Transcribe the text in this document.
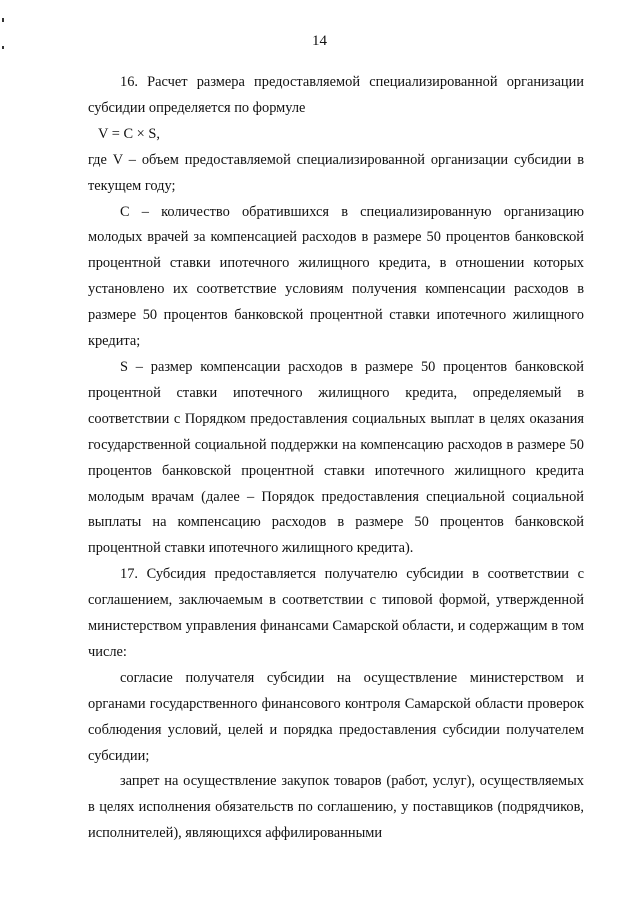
14

16. Расчет размера предоставляемой специализированной организации субсидии определяется по формуле

V = C × S,

где V – объем предоставляемой специализированной организации субсидии в текущем году;

C – количество обратившихся в специализированную организацию молодых врачей за компенсацией расходов в размере 50 процентов банковской процентной ставки ипотечного жилищного кредита, в отношении которых установлено их соответствие условиям получения компенсации расходов в размере 50 процентов банковской процентной ставки ипотечного жилищного кредита;

S – размер компенсации расходов в размере 50 процентов банковской процентной ставки ипотечного жилищного кредита, определяемый в соответствии с Порядком предоставления социальных выплат в целях оказания государственной социальной поддержки на компенсацию расходов в размере 50 процентов банковской процентной ставки ипотечного жилищного кредита молодым врачам (далее – Порядок предоставления специальной социальной выплаты на компенсацию расходов в размере 50 процентов банковской процентной ставки ипотечного жилищного кредита).

17. Субсидия предоставляется получателю субсидии в соответствии с соглашением, заключаемым в соответствии с типовой формой, утвержденной министерством управления финансами Самарской области, и содержащим в том числе:

согласие получателя субсидии на осуществление министерством и органами государственного финансового контроля Самарской области проверок соблюдения условий, целей и порядка предоставления субсидии получателем субсидии;

запрет на осуществление закупок товаров (работ, услуг), осуществляемых в целях исполнения обязательств по соглашению, у поставщиков (подрядчиков, исполнителей), являющихся аффилированными
